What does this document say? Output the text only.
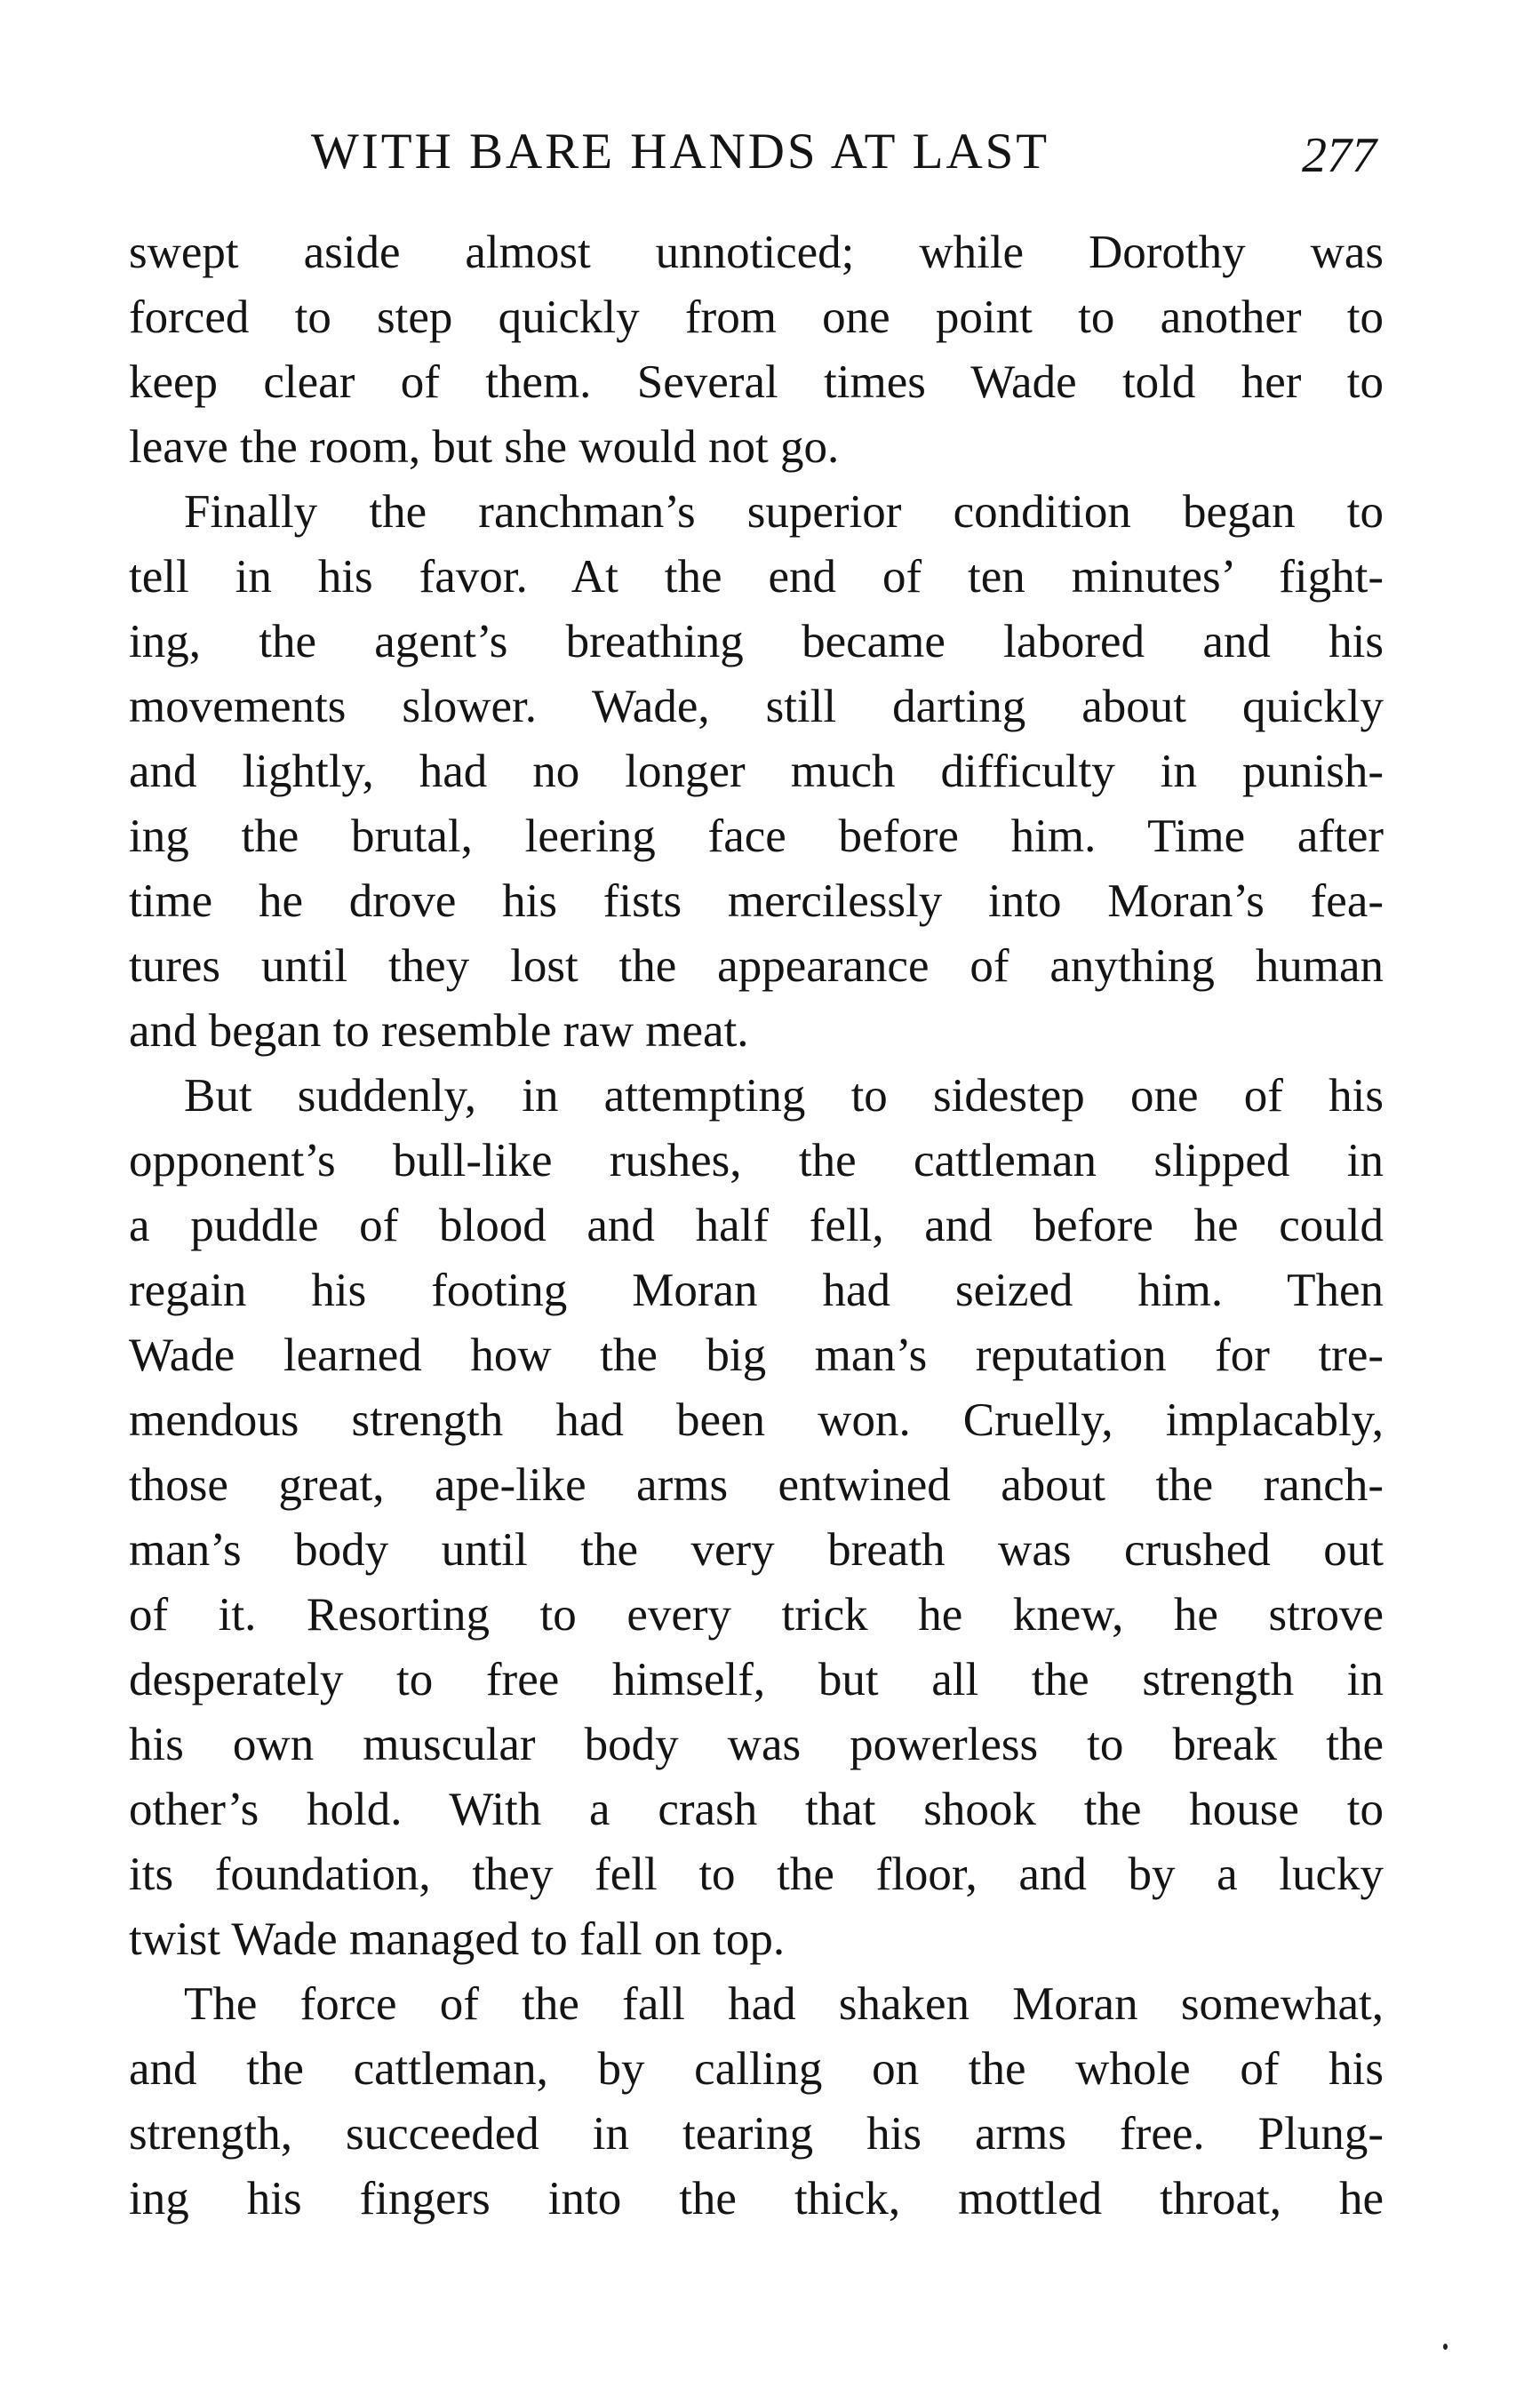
WITH BARE HANDS AT LAST	277
swept aside almost unnoticed; while Dorothy was
forced to step quickly from one point to another to
keep clear of them. Several times Wade told her to
leave the room, but she would not go.
Finally the ranchman’s superior condition began to
tell in his favor. At the end of ten minutes’ fight-
ing, the agent’s breathing became labored and his
movements slower. Wade, still darting about quickly
and lightly, had no longer much difficulty in punish-
ing the brutal, leering face before him. Time after
time he drove his fists mercilessly into Moran’s fea-
tures until they lost the appearance of anything human
and began to resemble raw meat.
But suddenly, in attempting to sidestep one of his
opponent’s bull-like rushes, the cattleman slipped in
a puddle of blood and half fell, and before he could
regain his footing Moran had seized him. Then
Wade learned how the big man’s reputation for tre-
mendous strength had been won. Cruelly, implacably,
those great, ape-like arms entwined about the ranch-
man’s body until the very breath was crushed out
of it. Resorting to every trick he knew, he strove
desperately to free himself, but all the strength in
his own muscular body was powerless to break the
other’s hold. With a crash that shook the house to
its foundation, they fell to the floor, and by a lucky
twist Wade managed to fall on top.
The force of the fall had shaken Moran somewhat,
and the cattleman, by calling on the whole of his
strength, succeeded in tearing his arms free. Plung-
ing his fingers into the thick, mottled throat, he
